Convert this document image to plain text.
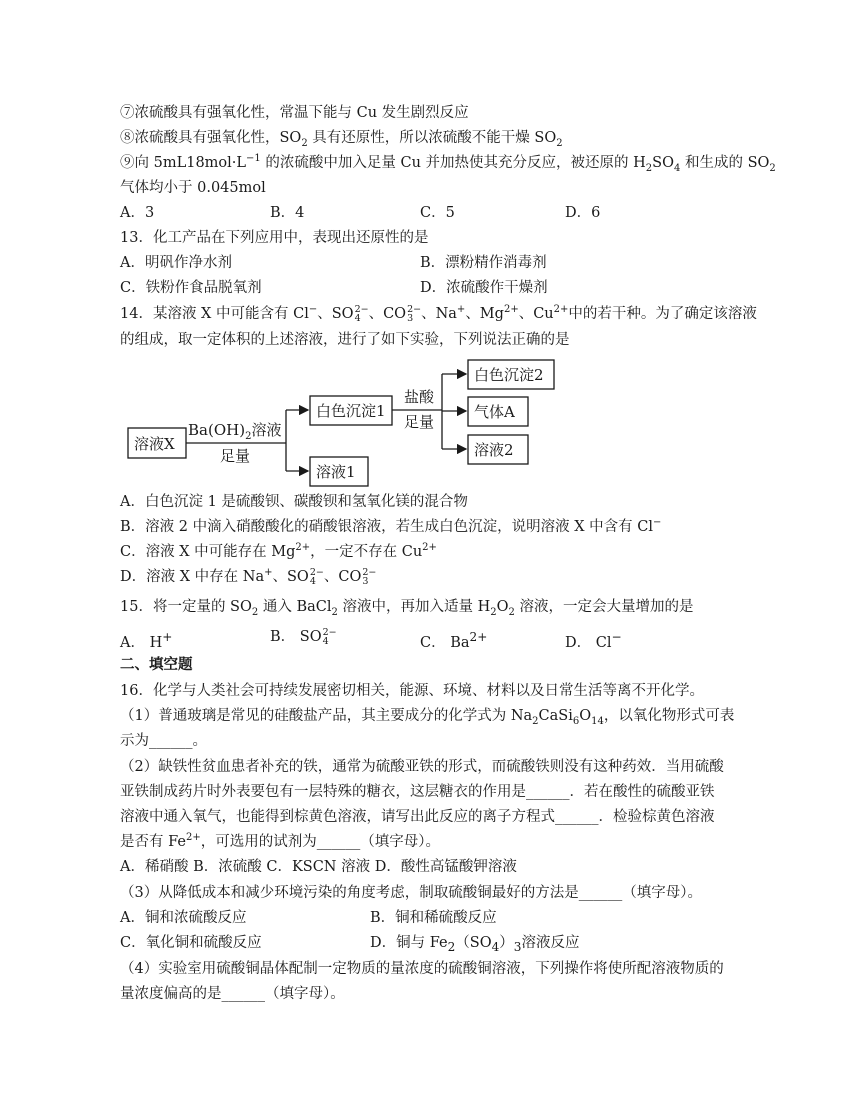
⑦浓硫酸具有强氧化性，常温下能与 Cu 发生剧烈反应
⑧浓硫酸具有强氧化性，$SO_2$ 具有还原性，所以浓硫酸不能干燥 $SO_2$
⑨向 $5mL18mol\cdot L^{-1}$ 的浓硫酸中加入足量 Cu 并加热使其充分反应，被还原的 $H_2SO_4$ 和生成的 $SO_2$
气体均小于 0.045mol
A．3	B．4	C．5	D．6
13．化工产品在下列应用中，表现出还原性的是
A．明矾作净水剂	B．漂粉精作消毒剂
C．铁粉作食品脱氧剂	D．浓硫酸作干燥剂
14．某溶液 X 中可能含有 Cl−、SO 2−
4 、CO 2−
3 、Na+、$Mg^{2+}$、$Cu^{2+}$中的若干种。为了确定该溶液
的组成，取一定体积的上述溶液，进行了如下实验，下列说法正确的是
溶液X
$Ba(OH)_2$溶液
足量
白色沉淀1
溶液1
盐酸
足量
白色沉淀2
气体A
溶液2
A．白色沉淀 1 是硫酸钡、碳酸钡和氢氧化镁的混合物
B．溶液 2 中滴入硝酸酸化的硝酸银溶液，若生成白色沉淀，说明溶液 X 中含有 Cl−
C．溶液 X 中可能存在 $Mg^{2+}$，一定不存在 $Cu^{2+}$
D．溶液 X 中存在 Na+、SO 2−
4 、CO 2−
3
15．将一定量的 $SO_2$ 通入 BaCl$_2$ 溶液中，再加入适量 $H_2O_2$ 溶液，一定会大量增加的是
A． H+	B． SO 2−
4	C． $Ba^{2+}$	D． Cl−
二、填空题
16．化学与人类社会可持续发展密切相关，能源、环境、材料以及日常生活等离不开化学。
（1）普通玻璃是常见的硅酸盐产品，其主要成分的化学式为 $Na_2CaSi_6O_{14}$，以氧化物形式可表
示为______。
（2）缺铁性贫血患者补充的铁，通常为硫酸亚铁的形式，而硫酸铁则没有这种药效．当用硫酸
亚铁制成药片时外表要包有一层特殊的糖衣，这层糖衣的作用是______．若在酸性的硫酸亚铁
溶液中通入氧气，也能得到棕黄色溶液，请写出此反应的离子方程式______．检验棕黄色溶液
是否有 $Fe^{2+}$，可选用的试剂为______（填字母）。
A．稀硝酸 B．浓硫酸 C．KSCN 溶液 D．酸性高锰酸钾溶液
（3）从降低成本和减少环境污染的角度考虑，制取硫酸铜最好的方法是______（填字母）。
A．铜和浓硫酸反应	B．铜和稀硫酸反应
C．氧化铜和硫酸反应	D．铜与 $Fe_2(SO_4)_3$溶液反应
（4）实验室用硫酸铜晶体配制一定物质的量浓度的硫酸铜溶液，下列操作将使所配溶液物质的
量浓度偏高的是______（填字母）。
